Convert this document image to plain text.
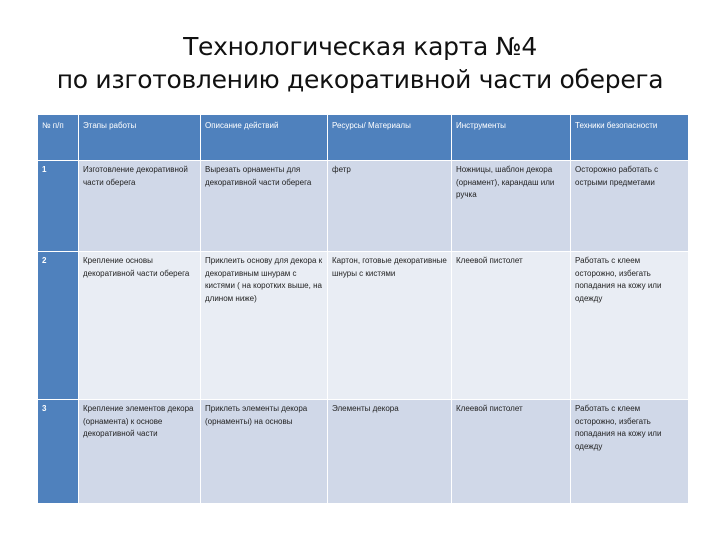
Технологическая карта №4
по изготовлению декоративной части оберега
№ п/п	Этапы работы	Описание действий	Ресурсы/ Материалы	Инструменты	Техники безопасности
1	Изготовление декоративной части оберега	Вырезать орнаменты для декоративной части оберега	фетр	Ножницы, шаблон декора (орнамент), карандаш или ручка	Осторожно работать с острыми предметами
2	Крепление основы декоративной части оберега	Приклеить основу для декора к декоративным шнурам с кистями ( на коротких выше, на длином ниже)	Картон, готовые декоративные шнуры с кистями	Клеевой пистолет	Работать с клеем осторожно, избегать попадания на кожу или одежду
3	Крепление элементов декора (орнамента) к основе декоративной части	Приклеть элементы декора (орнаменты) на основы	Элементы декора	Клеевой пистолет	Работать с клеем осторожно, избегать попадания на кожу или одежду
